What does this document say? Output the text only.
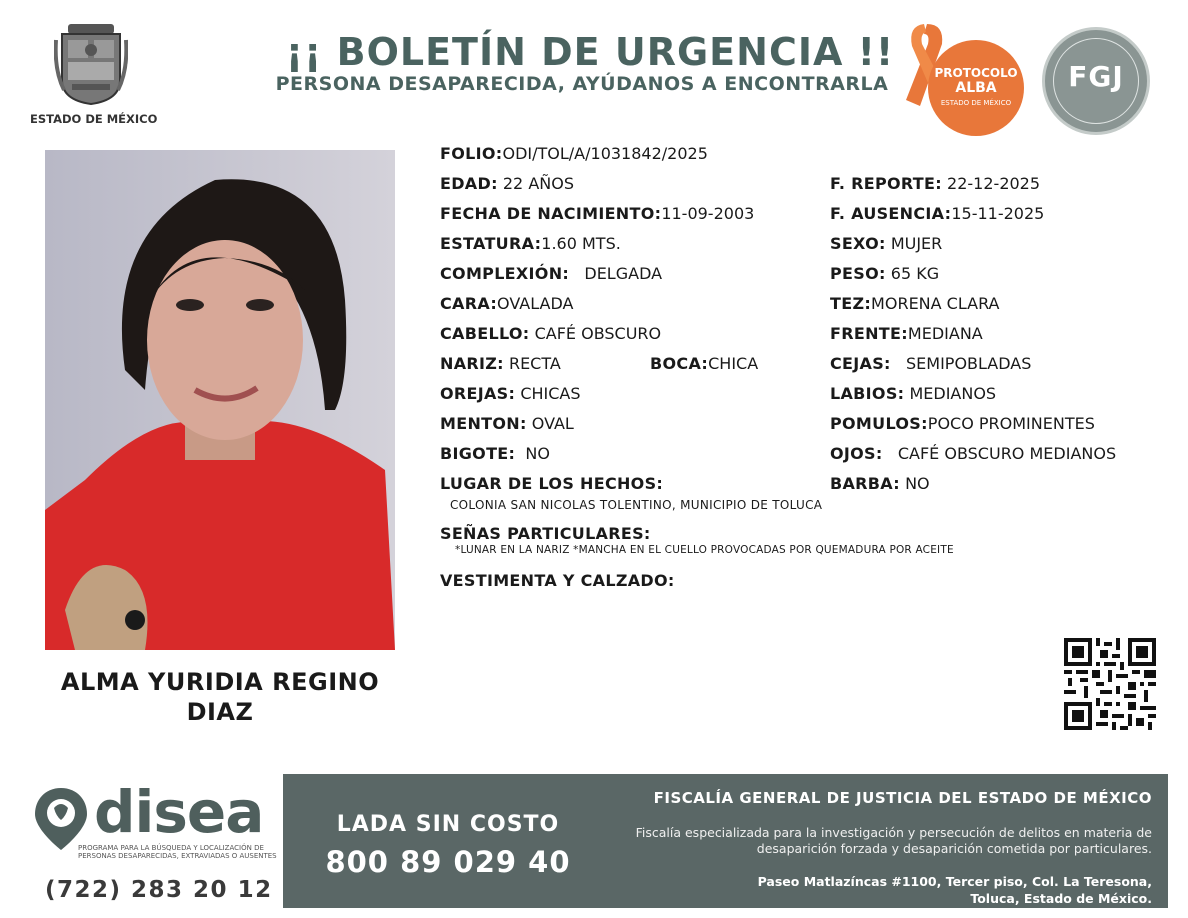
ESTADO DE MÉXICO
¡¡ BOLETÍN DE URGENCIA !!
PERSONA DESAPARECIDA, AYÚDANOS A ENCONTRARLA	PROTOCOLO
ALBA
ESTADO DE MÉXICO
FGJ
ALMA YURIDIA REGINO
DIAZ
FOLIO:ODI/TOL/A/1031842/2025
EDAD: 22 AÑOS
FECHA DE NACIMIENTO:11-09-2003
ESTATURA:1.60 MTS.
COMPLEXIÓN: DELGADA
CARA:OVALADA
CABELLO: CAFÉ OBSCURO
NARIZ: RECTA	BOCA:CHICA
OREJAS: CHICAS
MENTON: OVAL
BIGOTE: NO
LUGAR DE LOS HECHOS:
COLONIA SAN NICOLAS TOLENTINO, MUNICIPIO DE TOLUCA
SEÑAS PARTICULARES:
*LUNAR EN LA NARIZ *MANCHA EN EL CUELLO PROVOCADAS POR QUEMADURA POR ACEITE
VESTIMENTA Y CALZADO:
F. REPORTE: 22-12-2025
F. AUSENCIA:15-11-2025
SEXO: MUJER
PESO: 65 KG
TEZ:MORENA CLARA
FRENTE:MEDIANA
CEJAS: SEMIPOBLADAS
LABIOS: MEDIANOS
POMULOS:POCO PROMINENTES
OJOS: CAFÉ OBSCURO MEDIANOS
BARBA: NO
disea
PROGRAMA PARA LA BÚSQUEDA Y LOCALIZACIÓN DE PERSONAS DESAPARECIDAS, EXTRAVIADAS O AUSENTES
(722) 283 20 12
LADA SIN COSTO
800 89 029 40
FISCALÍA GENERAL DE JUSTICIA DEL ESTADO DE MÉXICO
Fiscalía especializada para la investigación y persecución de delitos en materia de desaparición forzada y desaparición cometida por particulares.
Paseo Matlazíncas #1100, Tercer piso, Col. La Teresona,
Toluca, Estado de México.
